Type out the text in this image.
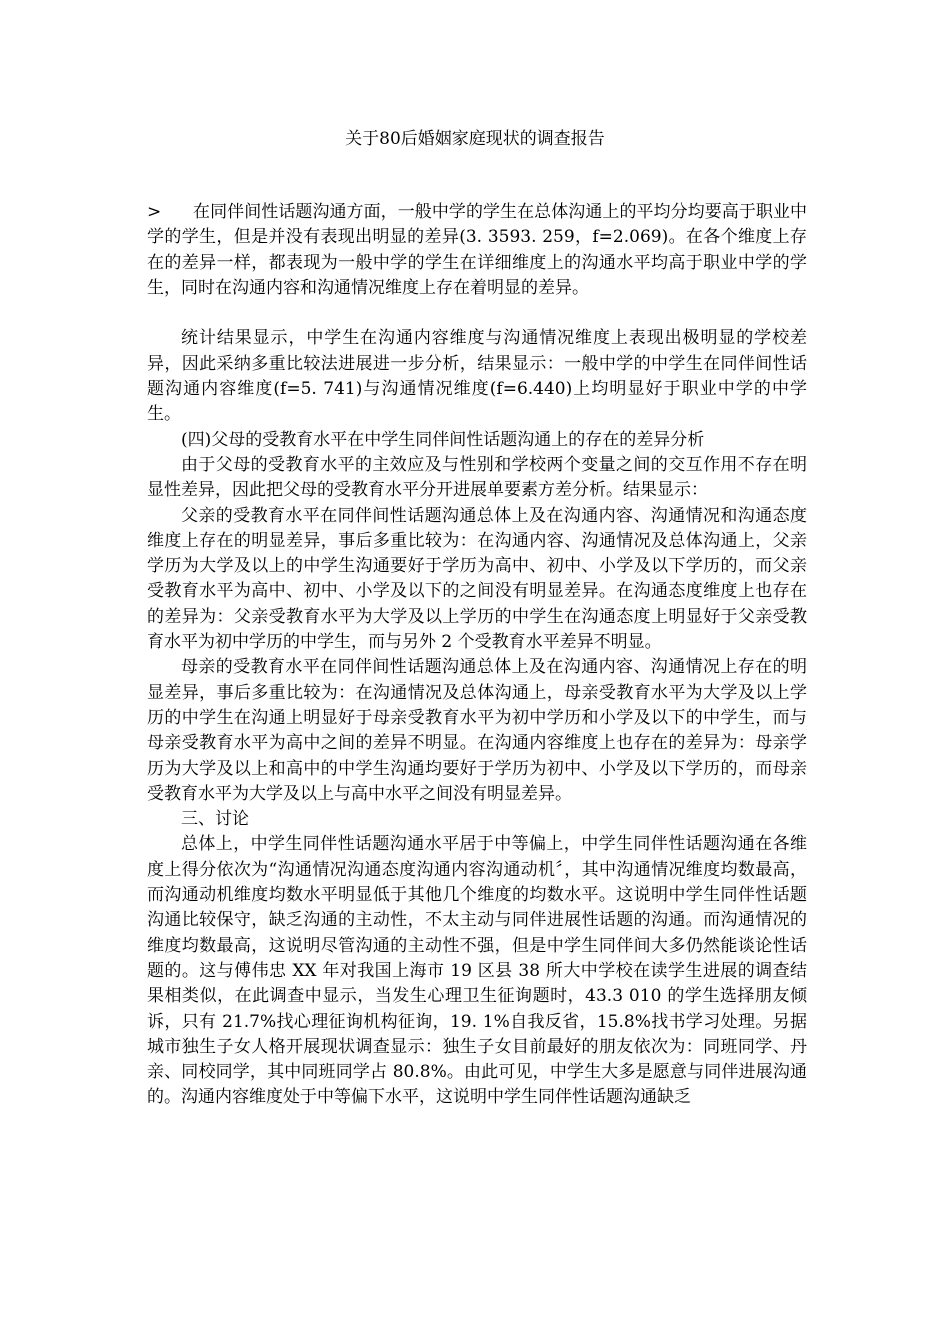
关于80后婚姻家庭现状的调查报告

> 在同伴间性话题沟通方面，一般中学的学生在总体沟通上的平均分均要高于职业中学的学生，但是并没有表现出明显的差异(3. 3593. 259，f=2.069)。在各个维度上存在的差异一样，都表现为一般中学的学生在详细维度上的沟通水平均高于职业中学的学生，同时在沟通内容和沟通情况维度上存在着明显的差异。

统计结果显示，中学生在沟通内容维度与沟通情况维度上表现出极明显的学校差异，因此采纳多重比较法进展进一步分析，结果显示：一般中学的中学生在同伴间性话题沟通内容维度(f=5. 741)与沟通情况维度(f=6.440)上均明显好于职业中学的中学生。

(四)父母的受教育水平在中学生同伴间性话题沟通上的存在的差异分析

由于父母的受教育水平的主效应及与性别和学校两个变量之间的交互作用不存在明显性差异，因此把父母的受教育水平分开进展单要素方差分析。结果显示：

父亲的受教育水平在同伴间性话题沟通总体上及在沟通内容、沟通情况和沟通态度维度上存在的明显差异，事后多重比较为：在沟通内容、沟通情况及总体沟通上，父亲学历为大学及以上的中学生沟通要好于学历为高中、初中、小学及以下学历的，而父亲受教育水平为高中、初中、小学及以下的之间没有明显差异。在沟通态度维度上也存在的差异为：父亲受教育水平为大学及以上学历的中学生在沟通态度上明显好于父亲受教育水平为初中学历的中学生，而与另外 2 个受教育水平差异不明显。

母亲的受教育水平在同伴间性话题沟通总体上及在沟通内容、沟通情况上存在的明显差异，事后多重比较为：在沟通情况及总体沟通上，母亲受教育水平为大学及以上学历的中学生在沟通上明显好于母亲受教育水平为初中学历和小学及以下的中学生，而与母亲受教育水平为高中之间的差异不明显。在沟通内容维度上也存在的差异为：母亲学历为大学及以上和高中的中学生沟通均要好于学历为初中、小学及以下学历的，而母亲受教育水平为大学及以上与高中水平之间没有明显差异。

三、讨论

总体上，中学生同伴性话题沟通水平居于中等偏上，中学生同伴性话题沟通在各维度上得分依次为“沟通情况沟通态度沟通内容沟通动机〞，其中沟通情况维度均数最高，而沟通动机维度均数水平明显低于其他几个维度的均数水平。这说明中学生同伴性话题沟通比较保守，缺乏沟通的主动性，不太主动与同伴进展性话题的沟通。而沟通情况的维度均数最高，这说明尽管沟通的主动性不强，但是中学生同伴间大多仍然能谈论性话题的。这与傅伟忠 XX 年对我国上海市 19 区县 38 所大中学校在读学生进展的调查结果相类似，在此调查中显示，当发生心理卫生征询题时，43.3 010 的学生选择朋友倾诉，只有 21.7%找心理征询机构征询，19. 1%自我反省，15.8%找书学习处理。另据城市独生子女人格开展现状调查显示：独生子女目前最好的朋友依次为：同班同学、丹亲、同校同学，其中同班同学占 80.8%。由此可见，中学生大多是愿意与同伴进展沟通的。沟通内容维度处于中等偏下水平，这说明中学生同伴性话题沟通缺乏
